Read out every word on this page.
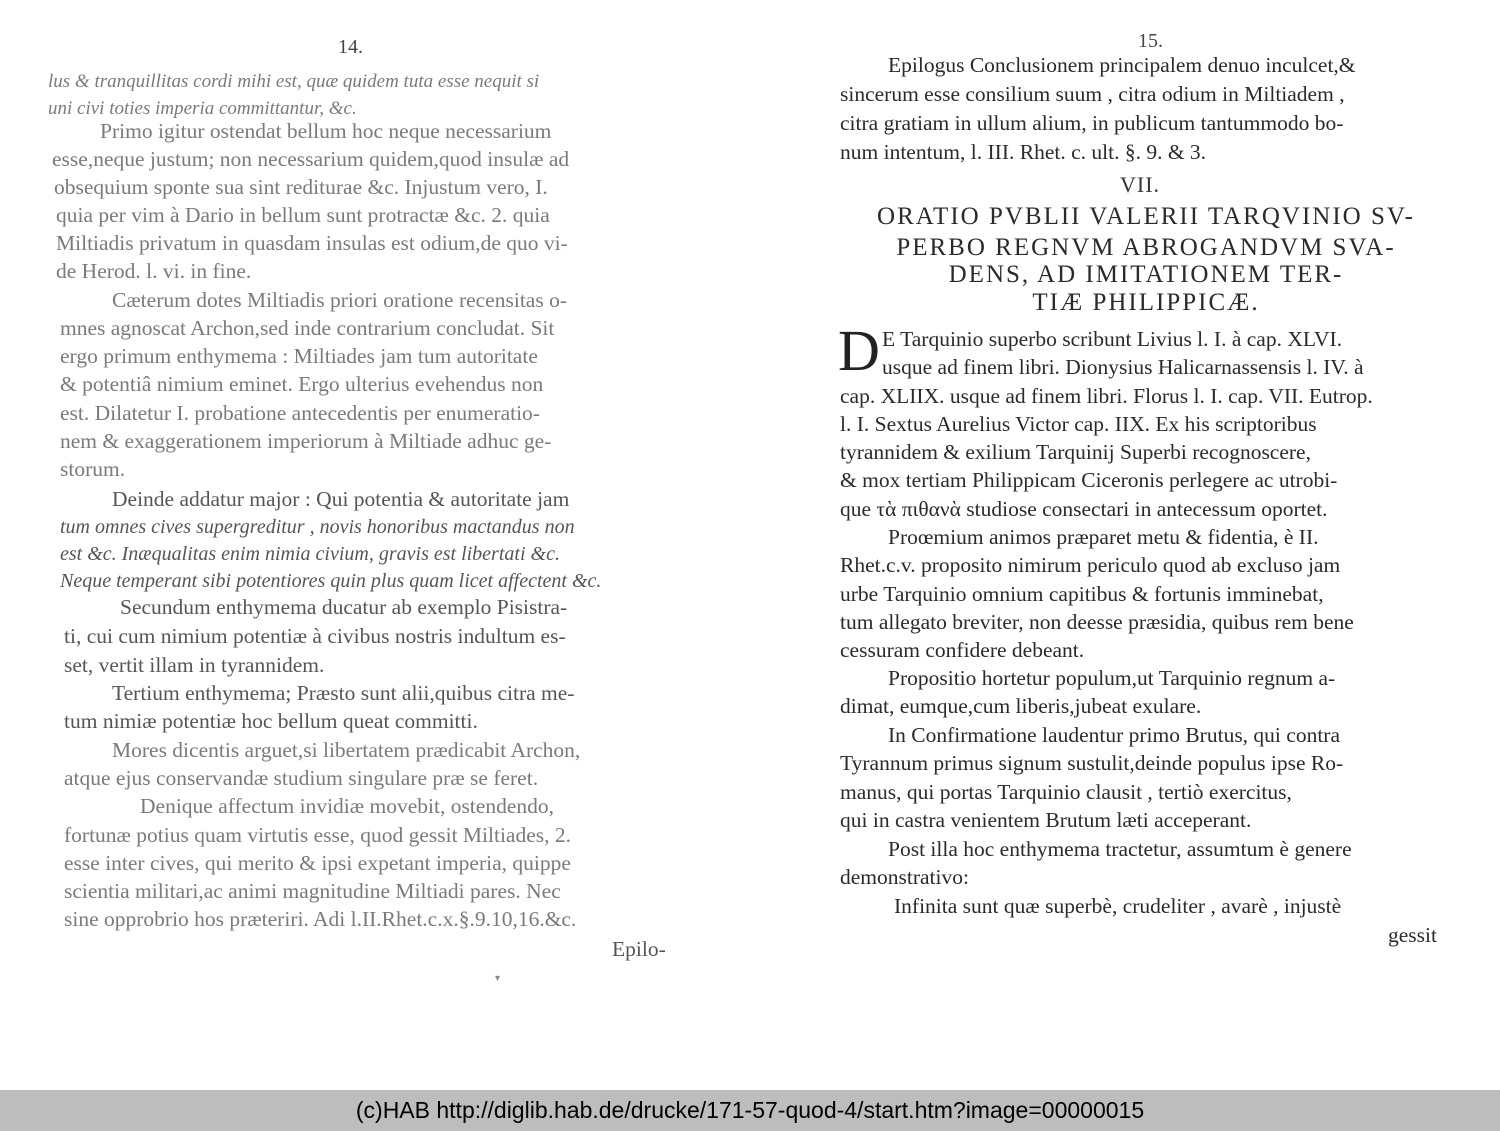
14.
lus & tranquillitas cordi mihi est, quæ quidem tuta esse nequit si
uni civi toties imperia committantur, &c.
Primo igitur ostendat bellum hoc neque necessarium
esse,neque justum; non necessarium quidem,quod insulæ ad
obsequium sponte sua sint rediturae &c. Injustum vero, I.
quia per vim à Dario in bellum sunt protractæ &c. 2. quia
Miltiadis privatum in quasdam insulas est odium,de quo vi-
de Herod. l. vi. in fine.
Cæterum dotes Miltiadis priori oratione recensitas o-
mnes agnoscat Archon,sed inde contrarium concludat. Sit
ergo primum enthymema : Miltiades jam tum autoritate
& potentiâ nimium eminet. Ergo ulterius evehendus non
est. Dilatetur I. probatione antecedentis per enumeratio-
nem & exaggerationem imperiorum à Miltiade adhuc ge-
storum.
Deinde addatur major : Qui potentia & autoritate jam
tum omnes cives supergreditur , novis honoribus mactandus non
est &c. Inæqualitas enim nimia civium, gravis est libertati &c.
Neque temperant sibi potentiores quin plus quam licet affectent &c.
Secundum enthymema ducatur ab exemplo Pisistra-
ti, cui cum nimium potentiæ à civibus nostris indultum es-
set, vertit illam in tyrannidem.
Tertium enthymema; Præsto sunt alii,quibus citra me-
tum nimiæ potentiæ hoc bellum queat committi.
Mores dicentis arguet,si libertatem prædicabit Archon,
atque ejus conservandæ studium singulare præ se feret.
Denique affectum invidiæ movebit, ostendendo,
fortunæ potius quam virtutis esse, quod gessit Miltiades, 2.
esse inter cives, qui merito & ipsi expetant imperia, quippe
scientia militari,ac animi magnitudine Miltiadi pares. Nec
sine opprobrio hos præteriri. Adi l.II.Rhet.c.x.§.9.10,16.&c.
Epilo-
▾
15.
Epilogus Conclusionem principalem denuo inculcet,&
sincerum esse consilium suum , citra odium in Miltiadem ,
citra gratiam in ullum alium, in publicum tantummodo bo-
num intentum, l. III. Rhet. c. ult. §. 9. & 3.
VII.
ORATIO PVBLII VALERII TARQVINIO SV-
PERBO REGNVM ABROGANDVM SVA-
DENS, AD IMITATIONEM TER-
TIÆ PHILIPPICÆ.
D E Tarquinio superbo scribunt Livius l. I. à cap. XLVI.
usque ad finem libri. Dionysius Halicarnassensis l. IV. à
cap. XLIIX. usque ad finem libri. Florus l. I. cap. VII. Eutrop.
l. I. Sextus Aurelius Victor cap. IIX. Ex his scriptoribus
tyrannidem & exilium Tarquinij Superbi recognoscere,
& mox tertiam Philippicam Ciceronis perlegere ac utrobi-
que τὰ πιθανὰ studiose consectari in antecessum oportet.
Proœmium animos præparet metu & fidentia, è II.
Rhet.c.v. proposito nimirum periculo quod ab excluso jam
urbe Tarquinio omnium capitibus & fortunis imminebat,
tum allegato breviter, non deesse præsidia, quibus rem bene
cessuram confidere debeant.
Propositio hortetur populum,ut Tarquinio regnum a-
dimat, eumque,cum liberis,jubeat exulare.
In Confirmatione laudentur primo Brutus, qui contra
Tyrannum primus signum sustulit,deinde populus ipse Ro-
manus, qui portas Tarquinio clausit , tertiò exercitus,
qui in castra venientem Brutum læti acceperant.
Post illa hoc enthymema tractetur, assumtum è genere
demonstrativo:
Infinita sunt quæ superbè, crudeliter , avarè , injustè
gessit
(c)HAB http://diglib.hab.de/drucke/171-57-quod-4/start.htm?image=00000015
